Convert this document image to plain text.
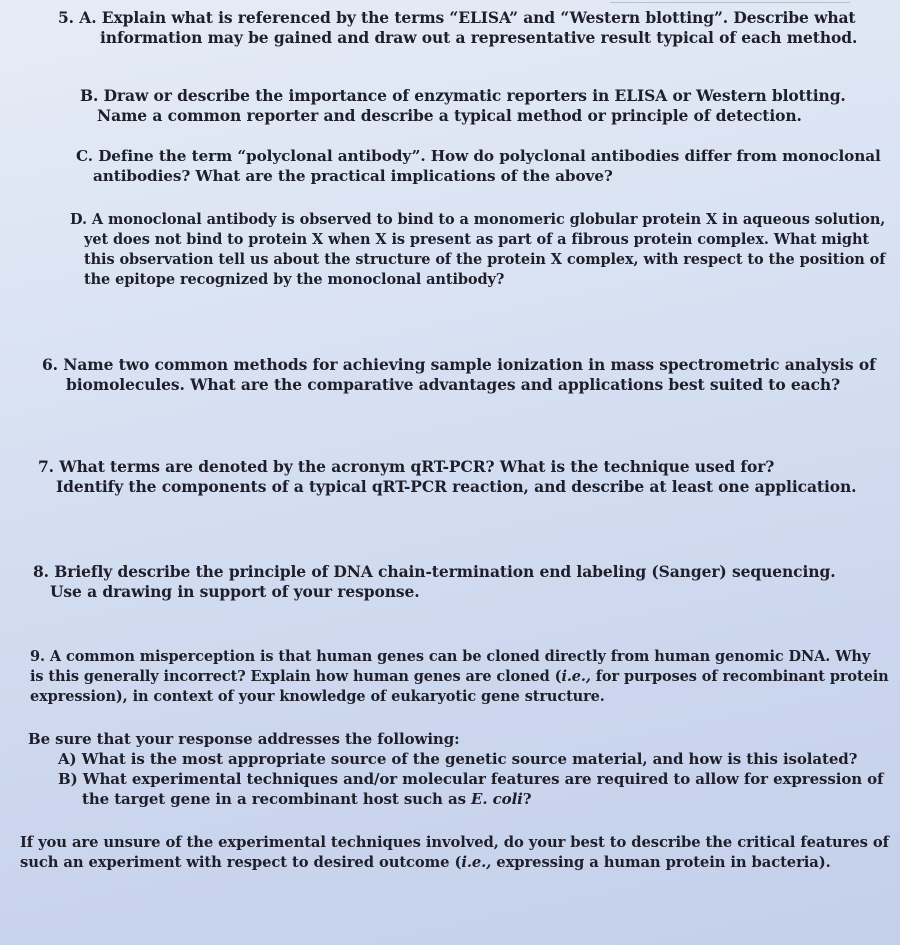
5. A. Explain what is referenced by the terms “ELISA” and “Western blotting”. Describe what
information may be gained and draw out a representative result typical of each method.
B. Draw or describe the importance of enzymatic reporters in ELISA or Western blotting.
Name a common reporter and describe a typical method or principle of detection.
C. Define the term “polyclonal antibody”. How do polyclonal antibodies differ from monoclonal
antibodies? What are the practical implications of the above?
D. A monoclonal antibody is observed to bind to a monomeric globular protein X in aqueous solution,
yet does not bind to protein X when X is present as part of a fibrous protein complex. What might
this observation tell us about the structure of the protein X complex, with respect to the position of
the epitope recognized by the monoclonal antibody?
6. Name two common methods for achieving sample ionization in mass spectrometric analysis of
biomolecules. What are the comparative advantages and applications best suited to each?
7. What terms are denoted by the acronym qRT-PCR? What is the technique used for?
Identify the components of a typical qRT-PCR reaction, and describe at least one application.
8. Briefly describe the principle of DNA chain-termination end labeling (Sanger) sequencing.
Use a drawing in support of your response.
9. A common misperception is that human genes can be cloned directly from human genomic DNA. Why
is this generally incorrect? Explain how human genes are cloned (i.e., for purposes of recombinant protein
expression), in context of your knowledge of eukaryotic gene structure.
Be sure that your response addresses the following:
A) What is the most appropriate source of the genetic source material, and how is this isolated?
B) What experimental techniques and/or molecular features are required to allow for expression of
the target gene in a recombinant host such as E. coli?
If you are unsure of the experimental techniques involved, do your best to describe the critical features of
such an experiment with respect to desired outcome (i.e., expressing a human protein in bacteria).
